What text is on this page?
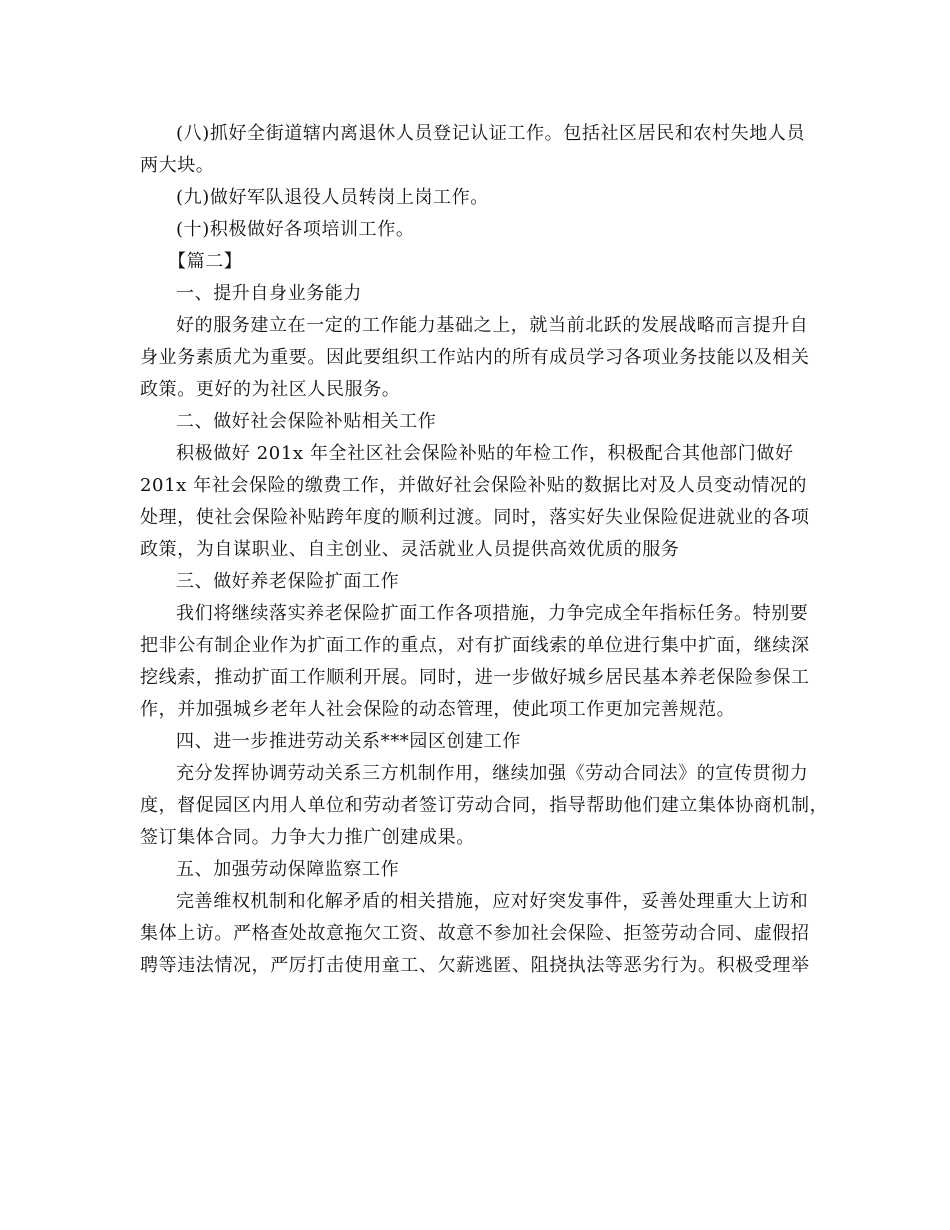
(八)抓好全街道辖内离退休人员登记认证工作。包括社区居民和农村失地人员
两大块。
(九)做好军队退役人员转岗上岗工作。
(十)积极做好各项培训工作。
【篇二】
一、提升自身业务能力
好的服务建立在一定的工作能力基础之上，就当前北跃的发展战略而言提升自
身业务素质尤为重要。因此要组织工作站内的所有成员学习各项业务技能以及相关
政策。更好的为社区人民服务。
二、做好社会保险补贴相关工作
积极做好 201x 年全社区社会保险补贴的年检工作，积极配合其他部门做好
201x 年社会保险的缴费工作，并做好社会保险补贴的数据比对及人员变动情况的
处理，使社会保险补贴跨年度的顺利过渡。同时，落实好失业保险促进就业的各项
政策，为自谋职业、自主创业、灵活就业人员提供高效优质的服务
三、做好养老保险扩面工作
我们将继续落实养老保险扩面工作各项措施，力争完成全年指标任务。特别要
把非公有制企业作为扩面工作的重点，对有扩面线索的单位进行集中扩面，继续深
挖线索，推动扩面工作顺利开展。同时，进一步做好城乡居民基本养老保险参保工
作，并加强城乡老年人社会保险的动态管理，使此项工作更加完善规范。
四、进一步推进劳动关系***园区创建工作
充分发挥协调劳动关系三方机制作用，继续加强《劳动合同法》的宣传贯彻力
度，督促园区内用人单位和劳动者签订劳动合同，指导帮助他们建立集体协商机制，
签订集体合同。力争大力推广创建成果。
五、加强劳动保障监察工作
完善维权机制和化解矛盾的相关措施，应对好突发事件，妥善处理重大上访和
集体上访。严格查处故意拖欠工资、故意不参加社会保险、拒签劳动合同、虚假招
聘等违法情况，严厉打击使用童工、欠薪逃匿、阻挠执法等恶劣行为。积极受理举
